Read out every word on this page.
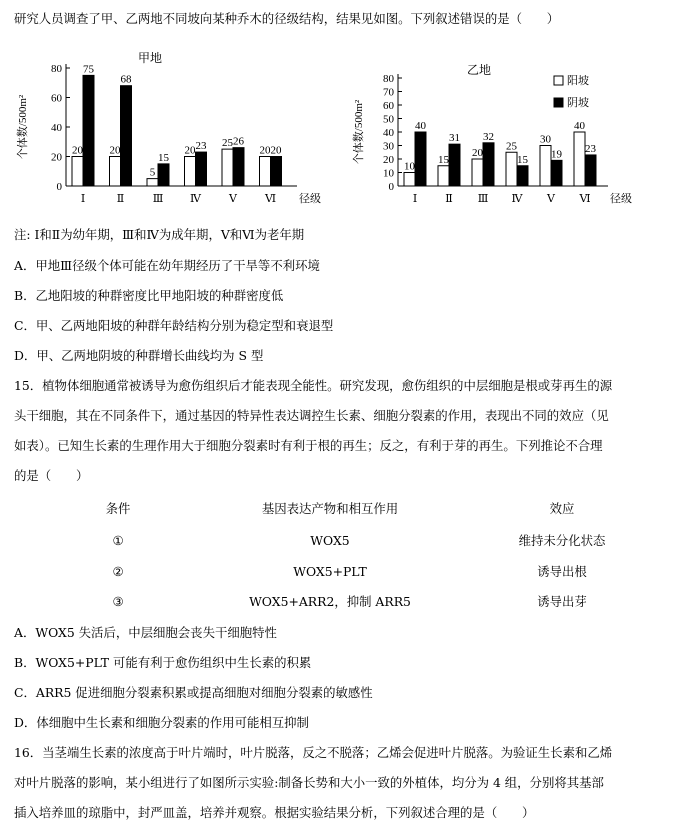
研究人员调查了甲、乙两地不同坡向某种乔木的径级结构，结果见如图。下列叙述错误的是（　　）
0
20
40
60
80
个体数/500m²
甲地
20
75
Ⅰ
20
68
Ⅱ
5
15
Ⅲ
20 23
Ⅳ
25 26
Ⅴ
20 20
Ⅵ 径级
0
10
20
30
40
50
60
70
80
个体数/500m²
乙地
10
40
Ⅰ
15
31
Ⅱ
20
32
Ⅲ
25
15
Ⅳ
30
19
Ⅴ
40
23
Ⅵ 径级
阳坡
阴坡
注: Ⅰ和Ⅱ为幼年期，Ⅲ和Ⅳ为成年期，Ⅴ和Ⅵ为老年期
A．甲地Ⅲ径级个体可能在幼年期经历了干旱等不利环境
B．乙地阳坡的种群密度比甲地阳坡的种群密度低
C．甲、乙两地阳坡的种群年龄结构分别为稳定型和衰退型
D．甲、乙两地阴坡的种群增长曲线均为 S 型
15．植物体细胞通常被诱导为愈伤组织后才能表现全能性。研究发现，愈伤组织的中层细胞是根或芽再生的源
头干细胞，其在不同条件下，通过基因的特异性表达调控生长素、细胞分裂素的作用，表现出不同的效应（见
如表）。已知生长素的生理作用大于细胞分裂素时有利于根的再生；反之，有利于芽的再生。下列推论不合理
的是（　　）
条件	基因表达产物和相互作用	效应
①	WOX5	维持未分化状态
②	WOX5+PLT	诱导出根
③	WOX5+ARR2，抑制 ARR5	诱导出芽
A．WOX5 失活后，中层细胞会丧失干细胞特性
B．WOX5+PLT 可能有利于愈伤组织中生长素的积累
C．ARR5 促进细胞分裂素积累或提高细胞对细胞分裂素的敏感性
D．体细胞中生长素和细胞分裂素的作用可能相互抑制
16．当茎端生长素的浓度高于叶片端时，叶片脱落，反之不脱落；乙烯会促进叶片脱落。为验证生长素和乙烯
对叶片脱落的影响，某小组进行了如图所示实验:制备长势和大小一致的外植体，均分为 4 组，分别将其基部
插入培养皿的琼脂中，封严皿盖，培养并观察。根据实验结果分析，下列叙述合理的是（　　）
